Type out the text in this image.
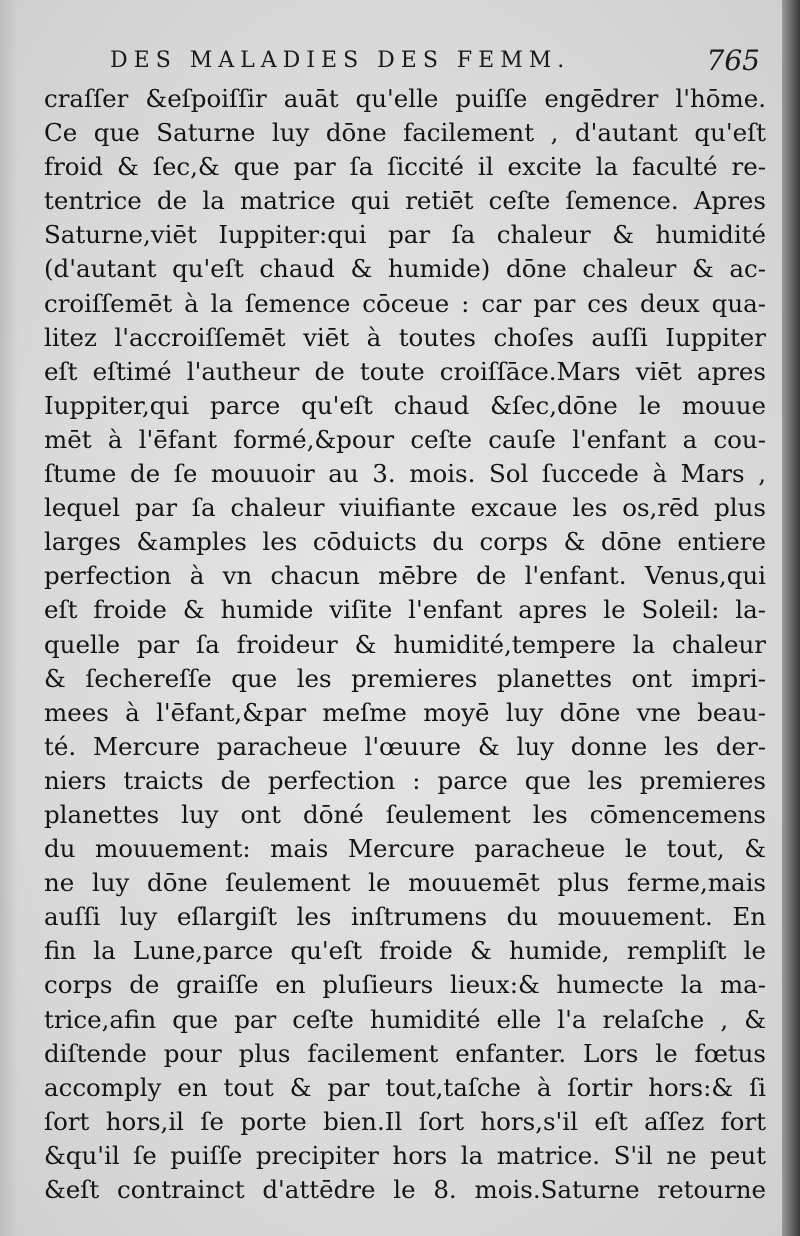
DES MALADIES DES FEMM.	765
craſſer &eſpoiſſir auāt qu'elle puiſſe engēdrer l'hōme.
Ce que Saturne luy dōne facilement , d'autant qu'eſt
froid & ſec,& que par ſa ſiccité il excite la faculté re-
tentrice de la matrice qui retiēt ceſte ſemence. Apres
Saturne,viēt Iuppiter:qui par ſa chaleur & humidité
(d'autant qu'eſt chaud & humide) dōne chaleur & ac-
croiſſemēt à la ſemence cōceue : car par ces deux qua-
litez l'accroiſſemēt viēt à toutes choſes auſſi Iuppiter
eſt eſtimé l'autheur de toute croiſſāce.Mars viēt apres
Iuppiter,qui parce qu'eſt chaud &ſec,dōne le mouue
mēt à l'ēfant formé,&pour ceſte cauſe l'enfant a cou-
ſtume de ſe mouuoir au 3. mois. Sol ſuccede à Mars ,
lequel par ſa chaleur viuifiante excaue les os,rēd plus
larges &amples les cōduicts du corps & dōne entiere
perfection à vn chacun mēbre de l'enfant. Venus,qui
eſt froide & humide viſite l'enfant apres le Soleil: la-
quelle par ſa froideur & humidité,tempere la chaleur
& ſechereſſe que les premieres planettes ont impri-
mees à l'ēfant,&par meſme moyē luy dōne vne beau-
té. Mercure paracheue l'œuure & luy donne les der-
niers traicts de perfection : parce que les premieres
planettes luy ont dōné ſeulement les cōmencemens
du mouuement: mais Mercure paracheue le tout, &
ne luy dōne ſeulement le mouuemēt plus ferme,mais
auſſi luy eſlargiſt les inſtrumens du mouuement. En
fin la Lune,parce qu'eſt froide & humide, rempliſt le
corps de graiſſe en pluſieurs lieux:& humecte la ma-
trice,afin que par ceſte humidité elle l'a relaſche , &
diſtende pour plus facilement enfanter. Lors le fœtus
accomply en tout & par tout,taſche à ſortir hors:& ſi
ſort hors,il ſe porte bien.Il ſort hors,s'il eſt aſſez fort
&qu'il ſe puiſſe precipiter hors la matrice. S'il ne peut
&eſt contrainct d'attēdre le 8. mois.Saturne retourne
